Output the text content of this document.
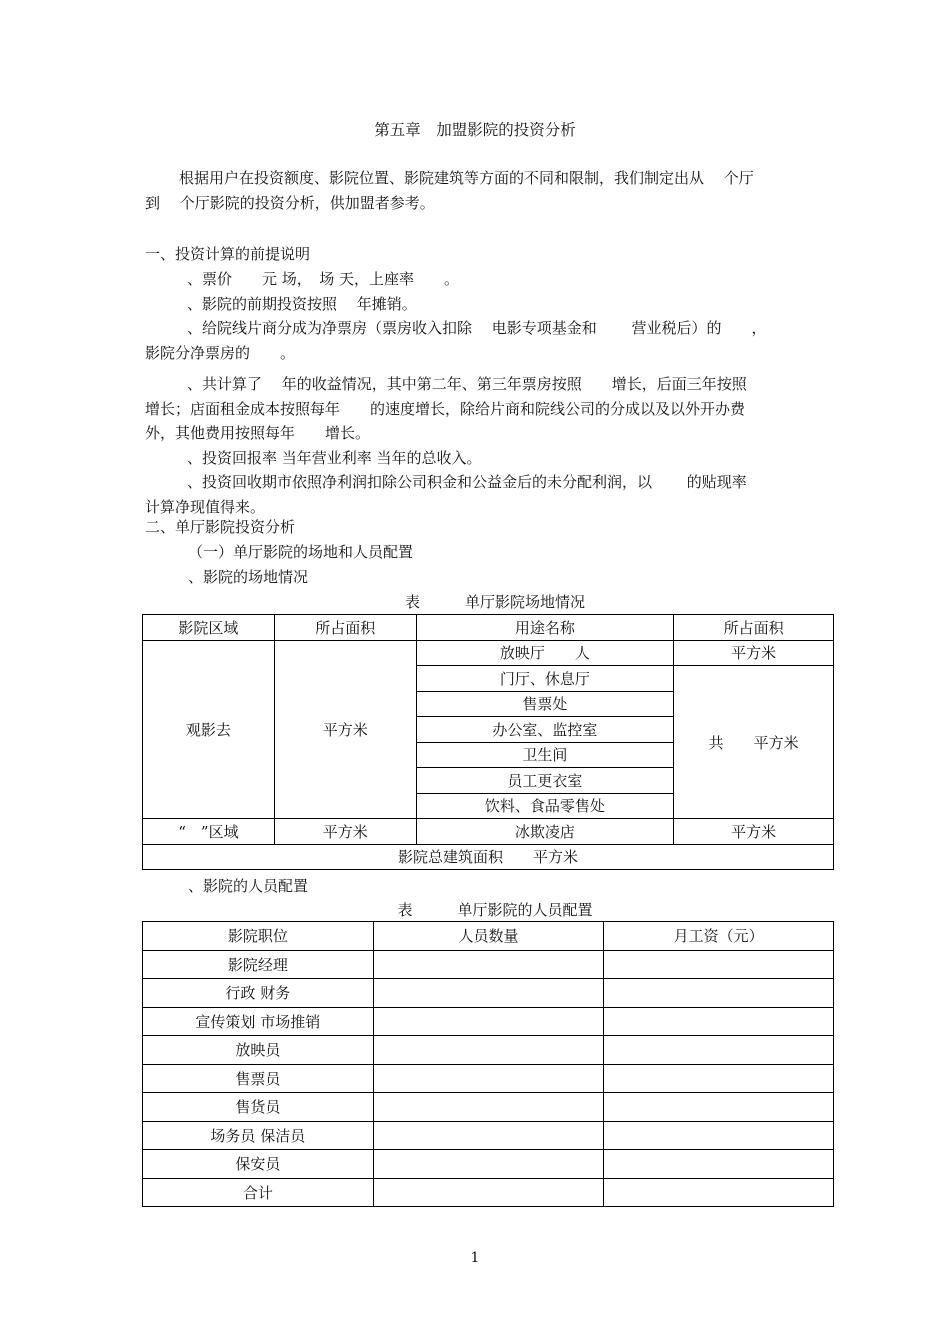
第五章　加盟影院的投资分析
根据用户在投资额度、影院位置、影院建筑等方面的不同和限制，我们制定出从　 个厅
到　 个厅影院的投资分析，供加盟者参考。
一、投资计算的前提说明
、票价　　元 场，　场 天，上座率　　。
、影院的前期投资按照　 年摊销。
、给院线片商分成为净票房（票房收入扣除　 电影专项基金和　　 营业税后）的　　，
影院分净票房的　　。
、共计算了　 年的收益情况，其中第二年、第三年票房按照　　增长，后面三年按照
增长；店面租金成本按照每年　　的速度增长，除给片商和院线公司的分成以及以外开办费
外，其他费用按照每年　　增长。
、投资回报率 当年营业利率 当年的总收入。
、投资回收期市依照净利润扣除公司积金和公益金后的未分配利润，以　　 的贴现率
计算净现值得来。
二、单厅影院投资分析
（一）单厅影院的场地和人员配置
、影院的场地情况
表　　　单厅影院场地情况
影院区域	所占面积	用途名称	所占面积
观影去	平方米	放映厅　　人	平方米
		门厅、休息厅	共　　平方米
		售票处	
		办公室、监控室	
		卫生间	
		员工更衣室	
		饮料、食品零售处	
“　”区域	平方米	冰欺凌店	平方米
影院总建筑面积　　平方米			
、影院的人员配置
表　　　单厅影院的人员配置
影院职位	人员数量	月工资（元）
影院经理		
行政 财务		
宣传策划 市场推销		
放映员		
售票员		
售货员		
场务员 保洁员		
保安员		
合计		
1
